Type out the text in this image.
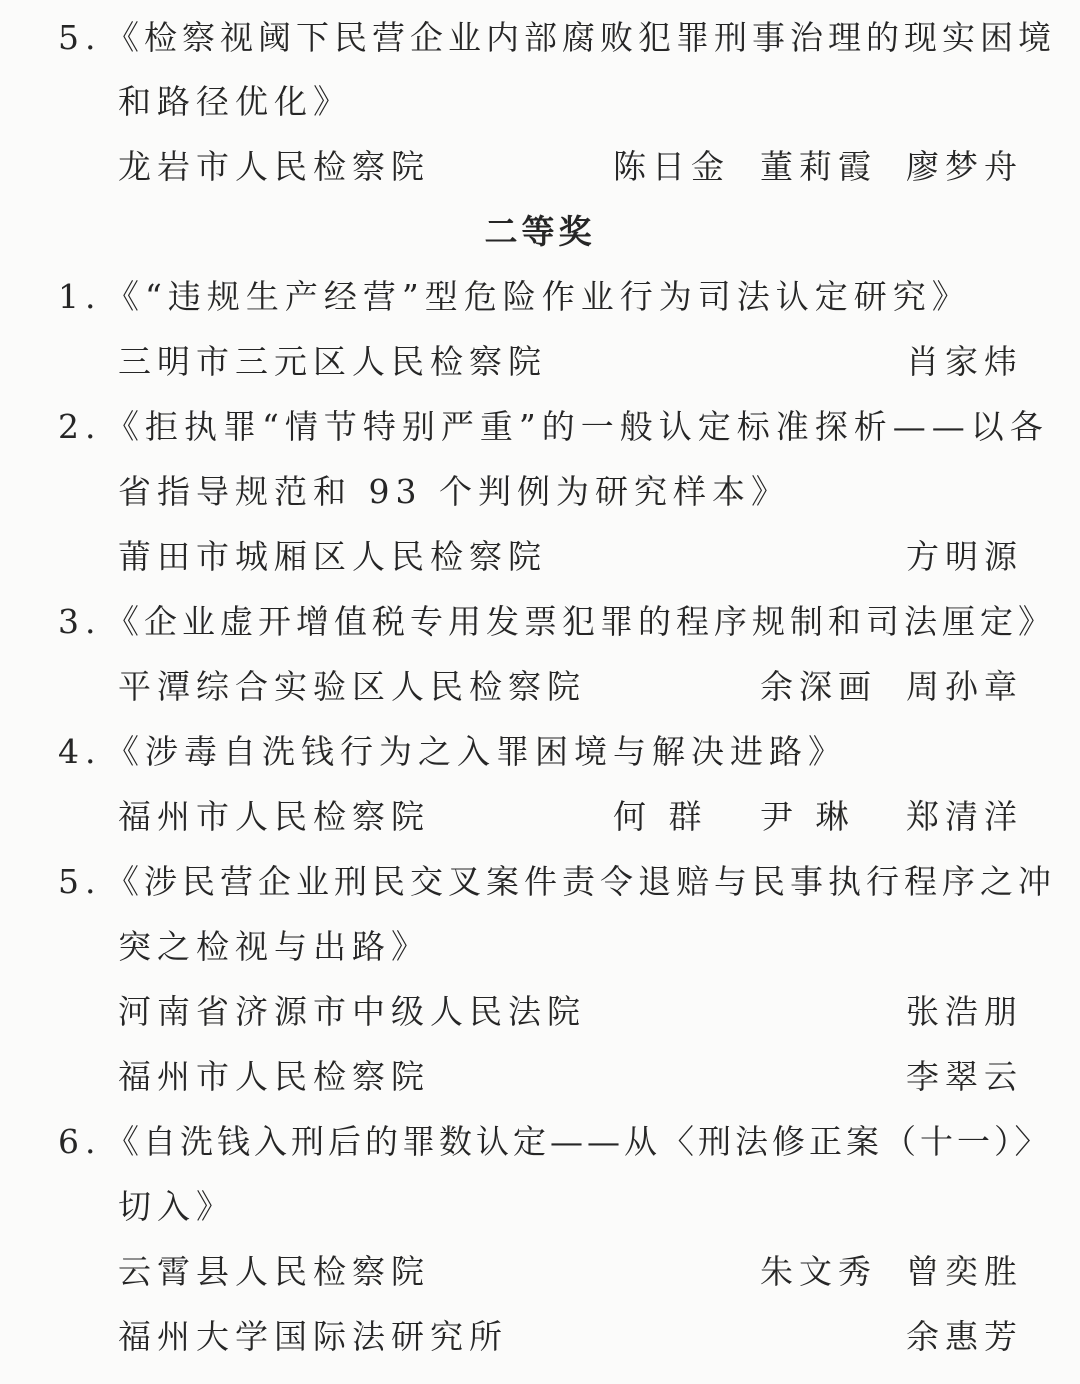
5. 《检察视阈下民营企业内部腐败犯罪刑事治理的现实困境
和路径优化》
龙岩市人民检察院	陈日金 董莉霞 廖梦舟
二等奖
1. 《“违规生产经营”型危险作业行为司法认定研究》
三明市三元区人民检察院	肖家炜
2. 《拒执罪“情节特别严重”的一般认定标准探析——以各
省指导规范和 93 个判例为研究样本》
莆田市城厢区人民检察院	方明源
3. 《企业虚开增值税专用发票犯罪的程序规制和司法厘定》
平潭综合实验区人民检察院	余深画 周孙章
4. 《涉毒自洗钱行为之入罪困境与解决进路》
福州市人民检察院	何 群 尹 琳 郑清洋
5. 《涉民营企业刑民交叉案件责令退赔与民事执行程序之冲
突之检视与出路》
河南省济源市中级人民法院	张浩朋
福州市人民检察院	李翠云
6. 《自洗钱入刑后的罪数认定——从〈刑法修正案（十一）〉
切入》
云霄县人民检察院	朱文秀 曾奕胜
福州大学国际法研究所	余惠芳
